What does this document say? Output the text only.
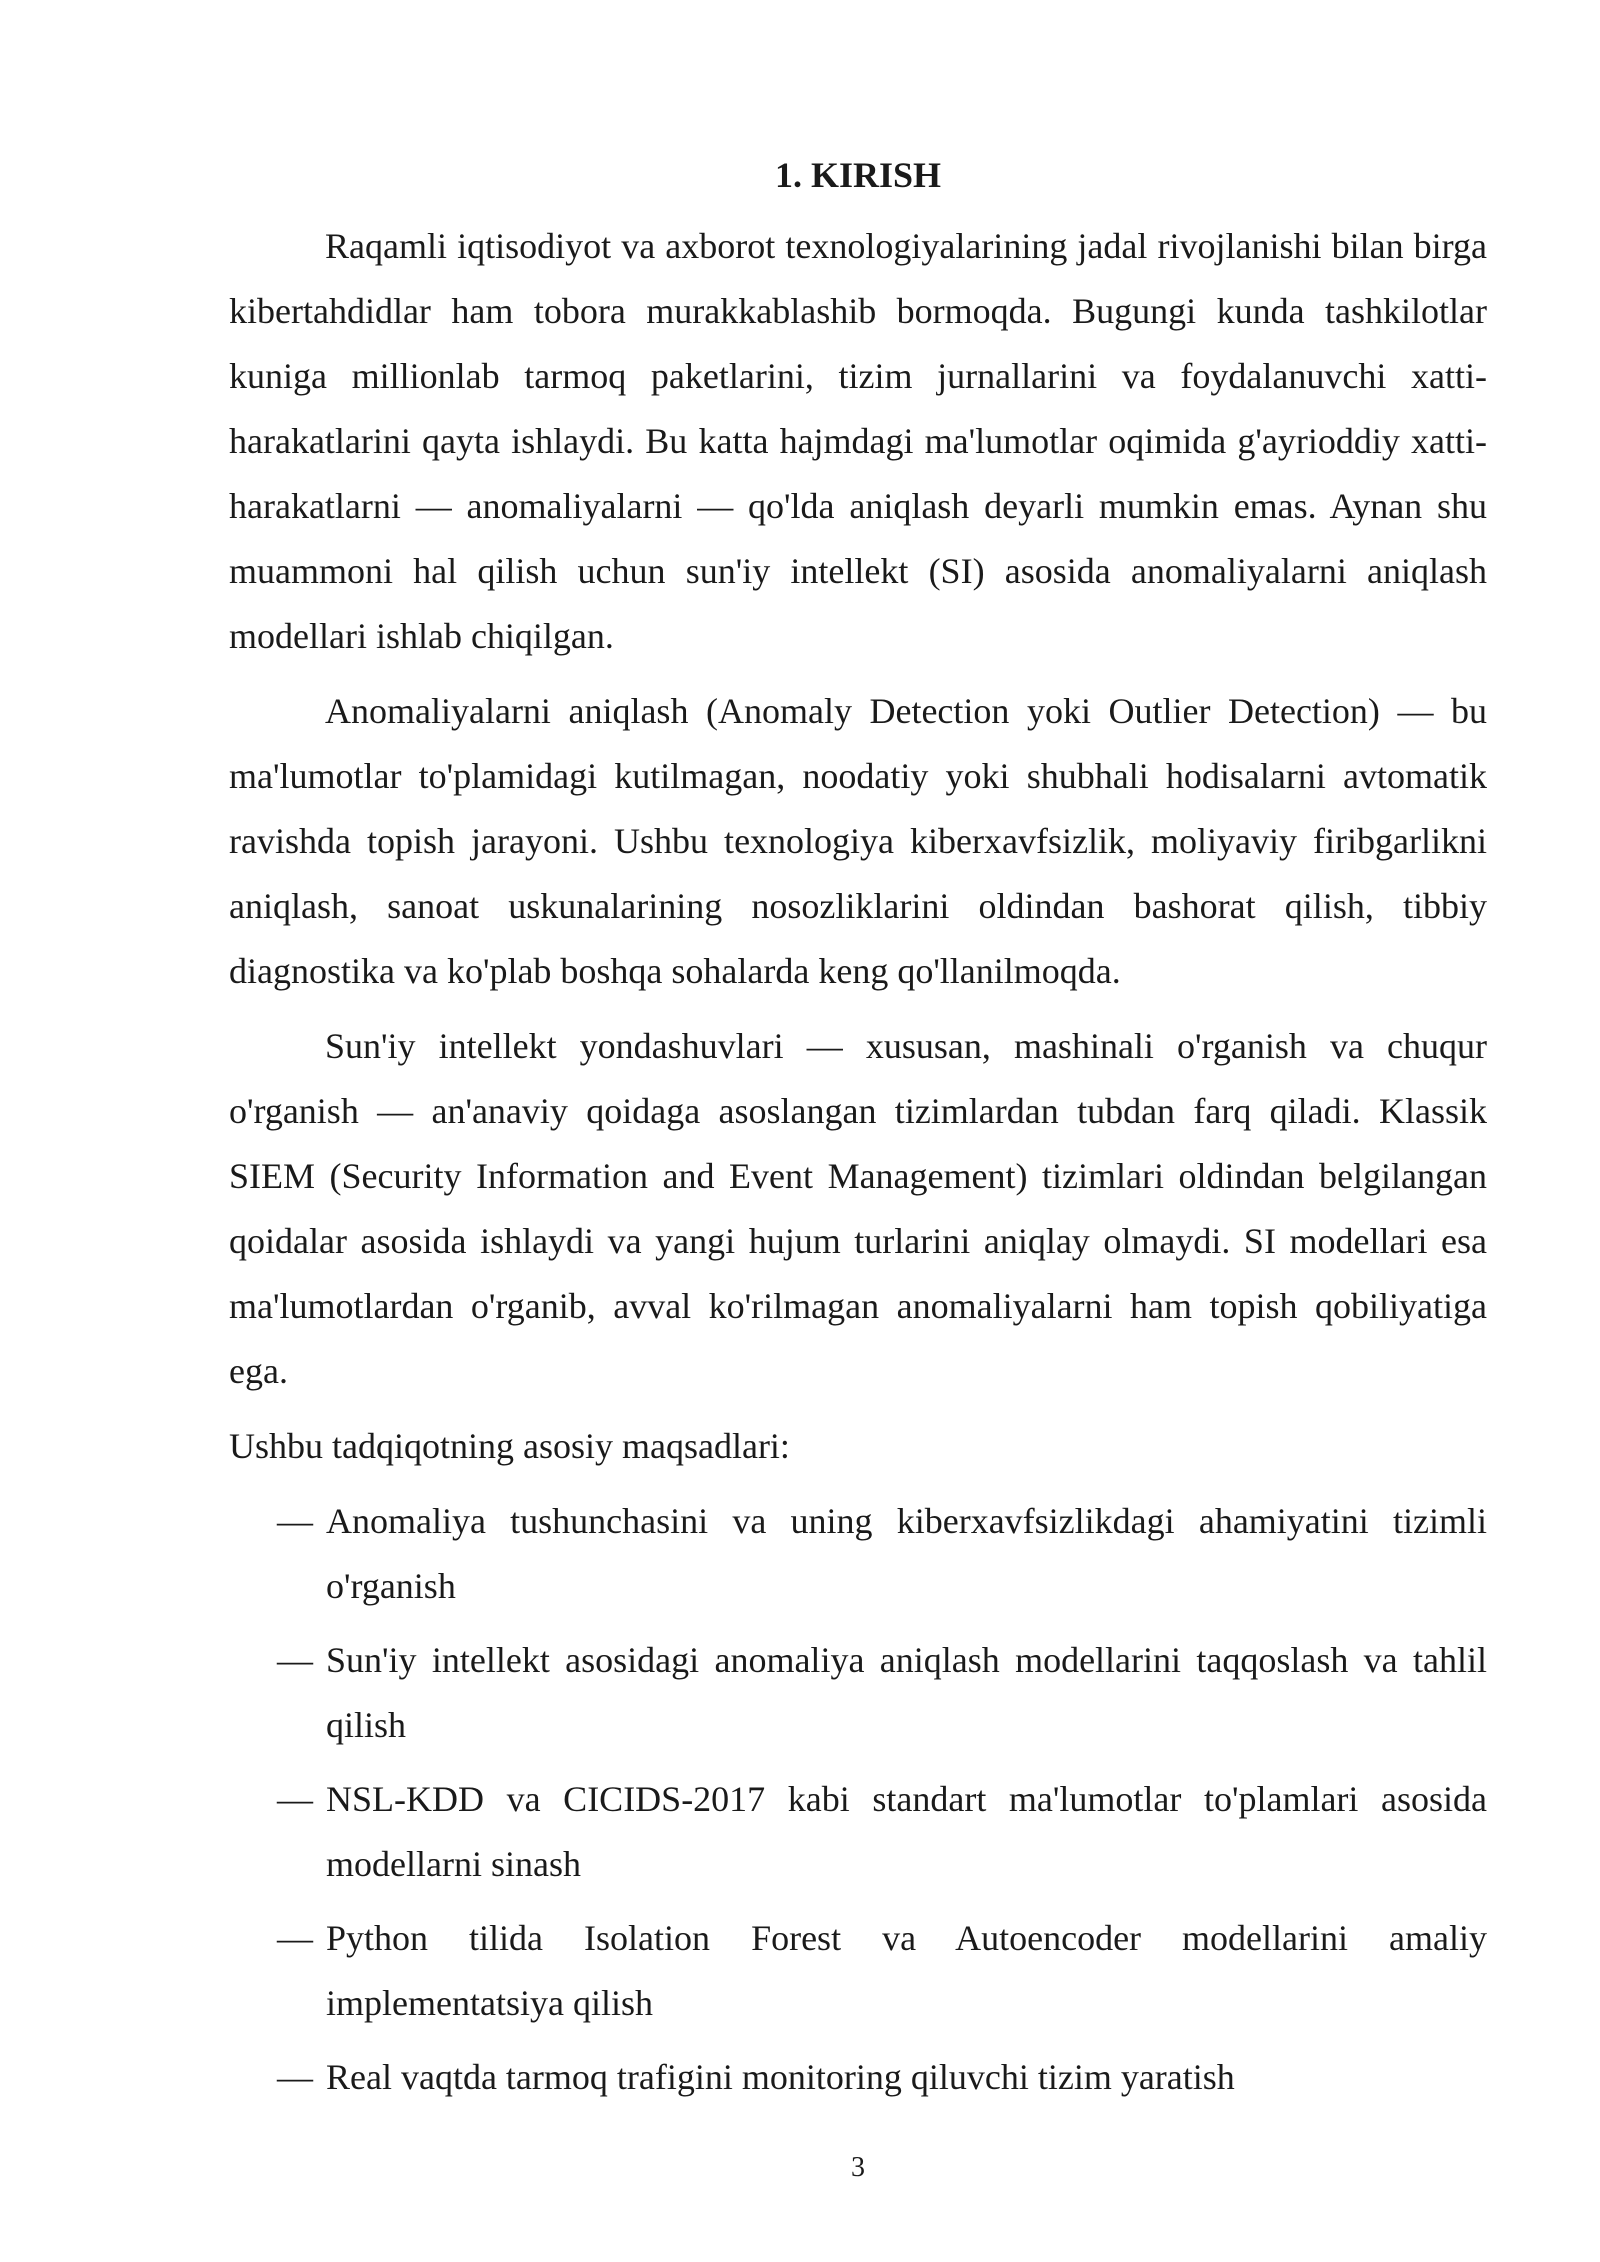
1. KIRISH

Raqamli iqtisodiyot va axborot texnologiyalarining jadal rivojlanishi bilan birga kibertahdidlar ham tobora murakkablashib bormoqda. Bugungi kunda tashkilotlar kuniga millionlab tarmoq paketlarini, tizim jurnallarini va foydalanuvchi xatti-harakatlarini qayta ishlaydi. Bu katta hajmdagi ma'lumotlar oqimida g'ayrioddiy xatti-harakatlarni — anomaliyalarni — qo'lda aniqlash deyarli mumkin emas. Aynan shu muammoni hal qilish uchun sun'iy intellekt (SI) asosida anomaliyalarni aniqlash modellari ishlab chiqilgan.

Anomaliyalarni aniqlash (Anomaly Detection yoki Outlier Detection) — bu ma'lumotlar to'plamidagi kutilmagan, noodatiy yoki shubhali hodisalarni avtomatik ravishda topish jarayoni. Ushbu texnologiya kiberxavfsizlik, moliyaviy firibgarlikni aniqlash, sanoat uskunalarining nosozliklarini oldindan bashorat qilish, tibbiy diagnostika va ko'plab boshqa sohalarda keng qo'llanilmoqda.

Sun'iy intellekt yondashuvlari — xususan, mashinali o'rganish va chuqur o'rganish — an'anaviy qoidaga asoslangan tizimlardan tubdan farq qiladi. Klassik SIEM (Security Information and Event Management) tizimlari oldindan belgilangan qoidalar asosida ishlaydi va yangi hujum turlarini aniqlay olmaydi. SI modellari esa ma'lumotlardan o'rganib, avval ko'rilmagan anomaliyalarni ham topish qobiliyatiga ega.

Ushbu tadqiqotning asosiy maqsadlari:

— Anomaliya tushunchasini va uning kiberxavfsizlikdagi ahamiyatini tizimli o'rganish
— Sun'iy intellekt asosidagi anomaliya aniqlash modellarini taqqoslash va tahlil qilish
— NSL-KDD va CICIDS-2017 kabi standart ma'lumotlar to'plamlari asosida modellarni sinash
— Python tilida Isolation Forest va Autoencoder modellarini amaliy implementatsiya qilish
— Real vaqtda tarmoq trafigini monitoring qiluvchi tizim yaratish
3
